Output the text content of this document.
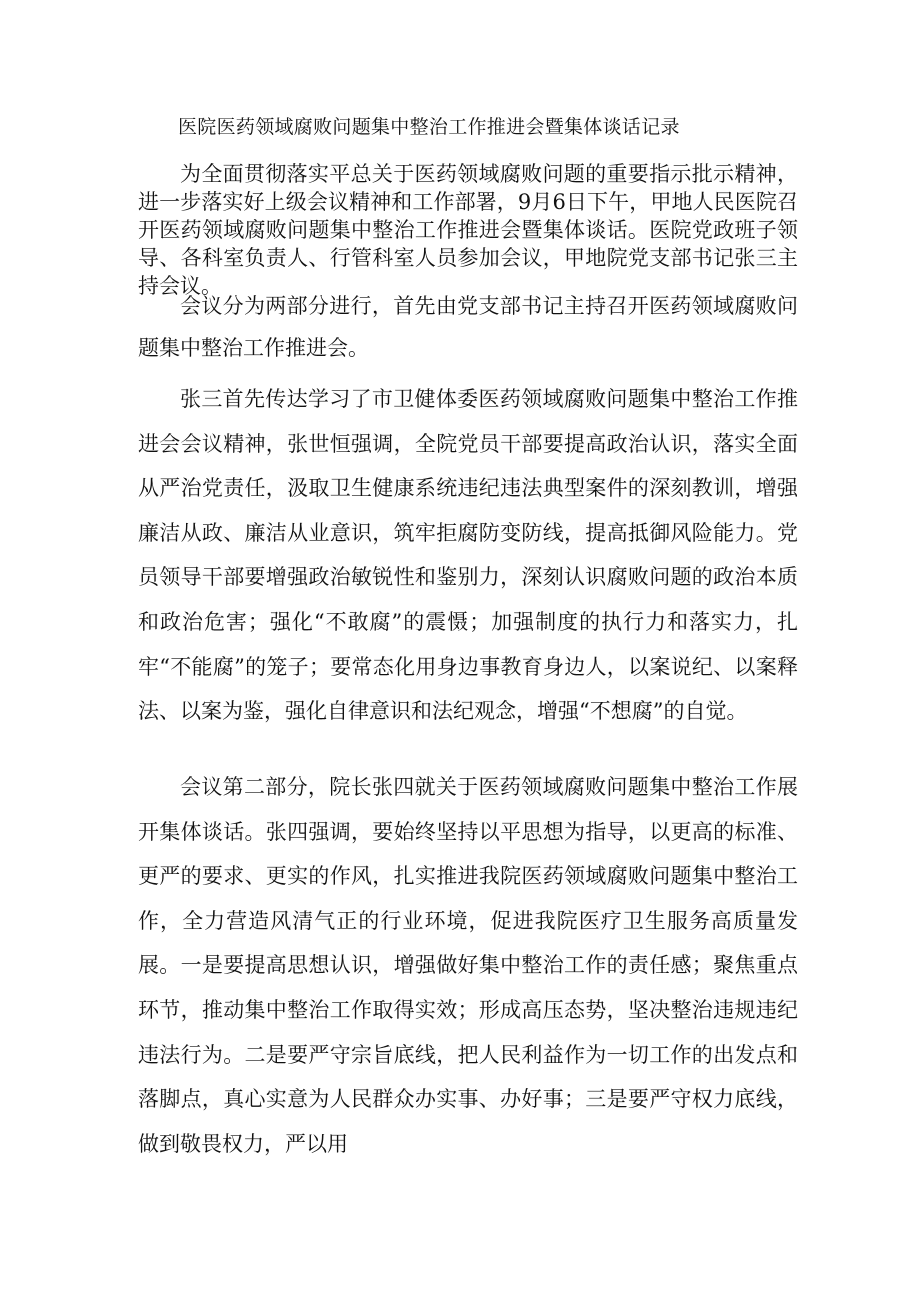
医院医药领域腐败问题集中整治工作推进会暨集体谈话记录

为全面贯彻落实平总关于医药领域腐败问题的重要指示批示精神，进一步落实好上级会议精神和工作部署，9月6日下午，甲地人民医院召开医药领域腐败问题集中整治工作推进会暨集体谈话。医院党政班子领导、各科室负责人、行管科室人员参加会议，甲地院党支部书记张三主持会议。

会议分为两部分进行，首先由党支部书记主持召开医药领域腐败问题集中整治工作推进会。

张三首先传达学习了市卫健体委医药领域腐败问题集中整治工作推进会会议精神，张世恒强调，全院党员干部要提高政治认识，落实全面从严治党责任，汲取卫生健康系统违纪违法典型案件的深刻教训，增强廉洁从政、廉洁从业意识，筑牢拒腐防变防线，提高抵御风险能力。党员领导干部要增强政治敏锐性和鉴别力，深刻认识腐败问题的政治本质和政治危害；强化“不敢腐”的震慑；加强制度的执行力和落实力，扎牢“不能腐”的笼子；要常态化用身边事教育身边人，以案说纪、以案释法、以案为鉴，强化自律意识和法纪观念，增强“不想腐”的自觉。

会议第二部分，院长张四就关于医药领域腐败问题集中整治工作展开集体谈话。张四强调，要始终坚持以平思想为指导，以更高的标准、更严的要求、更实的作风，扎实推进我院医药领域腐败问题集中整治工作，全力营造风清气正的行业环境，促进我院医疗卫生服务高质量发展。一是要提高思想认识，增强做好集中整治工作的责任感；聚焦重点环节，推动集中整治工作取得实效；形成高压态势，坚决整治违规违纪违法行为。二是要严守宗旨底线，把人民利益作为一切工作的出发点和落脚点，真心实意为人民群众办实事、办好事；三是要严守权力底线，做到敬畏权力，严以用
